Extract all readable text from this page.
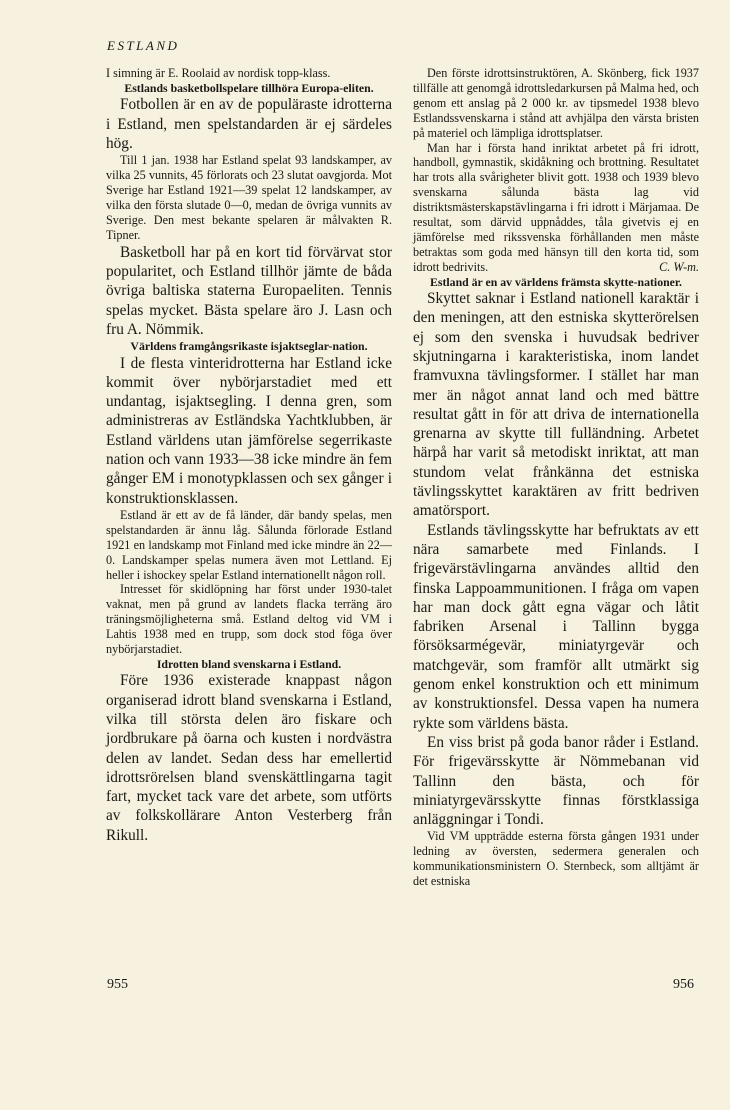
ESTLAND

I simning är E. Roolaid av nordisk topp-klass.

Estlands basketbollspelare tillhöra Europa-eliten.

Fotbollen är en av de populäraste idrotterna i Estland, men spelstandarden är ej särdeles hög.

Till 1 jan. 1938 har Estland spelat 93 landskamper, av vilka 25 vunnits, 45 förlorats och 23 slutat oavgjorda. Mot Sverige har Estland 1921—39 spelat 12 landskamper, av vilka den första slutade 0—0, medan de övriga vunnits av Sverige. Den mest bekante spelaren är målvakten R. Tipner.

Basketboll har på en kort tid förvärvat stor popularitet, och Estland tillhör jämte de båda övriga baltiska staterna Europaeliten. Tennis spelas mycket. Bästa spelare äro J. Lasn och fru A. Nömmik.

Världens framgångsrikaste isjaktseglar-nation.

I de flesta vinteridrotterna har Estland icke kommit över nybörjarstadiet med ett undantag, isjaktsegling. I denna gren, som administreras av Estländska Yachtklubben, är Estland världens utan jämförelse segerrikaste nation och vann 1933—38 icke mindre än fem gånger EM i monotypklassen och sex gånger i konstruktionsklassen.

Estland är ett av de få länder, där bandy spelas, men spelstandarden är ännu låg. Sålunda förlorade Estland 1921 en landskamp mot Finland med icke mindre än 22—0. Landskamper spelas numera även mot Lettland. Ej heller i ishockey spelar Estland internationellt någon roll.

Intresset för skidlöpning har först under 1930-talet vaknat, men på grund av landets flacka terräng äro träningsmöjligheterna små. Estland deltog vid VM i Lahtis 1938 med en trupp, som dock stod föga över nybörjarstadiet.

Idrotten bland svenskarna i Estland.

Före 1936 existerade knappast någon organiserad idrott bland svenskarna i Estland, vilka till största delen äro fiskare och jordbrukare på öarna och kusten i nordvästra delen av landet. Sedan dess har emellertid idrottsrörelsen bland svenskättlingarna tagit fart, mycket tack vare det arbete, som utförts av folkskollärare Anton Vesterberg från Rikull.

Den förste idrottsinstruktören, A. Skönberg, fick 1937 tillfälle att genomgå idrottsledarkursen på Malma hed, och genom ett anslag på 2 000 kr. av tipsmedel 1938 blevo Estlandssvenskarna i stånd att avhjälpa den värsta bristen på materiel och lämpliga idrottsplatser.

Man har i första hand inriktat arbetet på fri idrott, handboll, gymnastik, skidåkning och brottning. Resultatet har trots alla svårigheter blivit gott. 1938 och 1939 blevo svenskarna sålunda bästa lag vid distriktsmästerskapstävlingarna i fri idrott i Märjamaa. De resultat, som därvid uppnåddes, tåla givetvis ej en jämförelse med rikssvenska förhållanden men måste betraktas som goda med hänsyn till den korta tid, som idrott bedrivits.	C. W-m.

Estland är en av världens främsta skytte-nationer.

Skyttet saknar i Estland nationell karaktär i den meningen, att den estniska skytterörelsen ej som den svenska i huvudsak bedriver skjutningarna i karakteristiska, inom landet framvuxna tävlingsformer. I stället har man mer än något annat land och med bättre resultat gått in för att driva de internationella grenarna av skytte till fulländning. Arbetet härpå har varit så metodiskt inriktat, att man stundom velat frånkänna det estniska tävlingsskyttet karaktären av fritt bedriven amatörsport.

Estlands tävlingsskytte har befruktats av ett nära samarbete med Finlands. I frigevärstävlingarna användes alltid den finska Lappoammunitionen. I fråga om vapen har man dock gått egna vägar och låtit fabriken Arsenal i Tallinn bygga försöksarmégevär, miniatyrgevär och matchgevär, som framför allt utmärkt sig genom enkel konstruktion och ett minimum av konstruktionsfel. Dessa vapen ha numera rykte som världens bästa.

En viss brist på goda banor råder i Estland. För frigevärsskytte är Nömmebanan vid Tallinn den bästa, och för miniatyrgevärsskytte finnas förstklassiga anläggningar i Tondi.

Vid VM uppträdde esterna första gången 1931 under ledning av översten, sedermera generalen och kommunikationsministern O. Sternbeck, som alltjämt är det estniska

955	956
